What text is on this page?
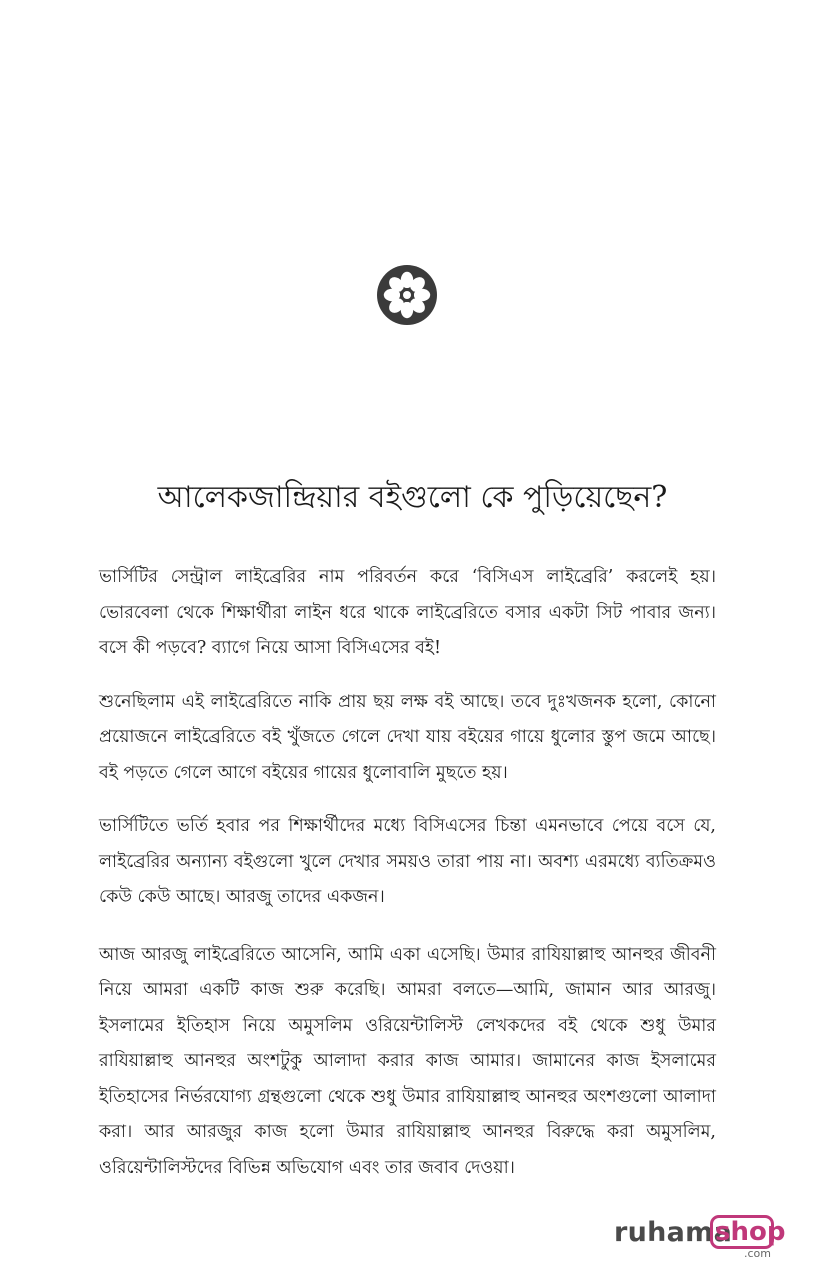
আলেকজান্দ্রিয়ার বইগুলো কে পুড়িয়েছেন?

ভার্সিটির সেন্ট্রাল লাইব্রেরির নাম পরিবর্তন করে ‘বিসিএস লাইব্রেরি’ করলেই হয়। ভোরবেলা থেকে শিক্ষার্থীরা লাইন ধরে থাকে লাইব্রেরিতে বসার একটা সিট পাবার জন্য। বসে কী পড়বে? ব্যাগে নিয়ে আসা বিসিএসের বই!

শুনেছিলাম এই লাইব্রেরিতে নাকি প্রায় ছয় লক্ষ বই আছে। তবে দুঃখজনক হলো, কোনো প্রয়োজনে লাইব্রেরিতে বই খুঁজতে গেলে দেখা যায় বইয়ের গায়ে ধুলোর স্তুপ জমে আছে। বই পড়তে গেলে আগে বইয়ের গায়ের ধুলোবালি মুছতে হয়।

ভার্সিটিতে ভর্তি হবার পর শিক্ষার্থীদের মধ্যে বিসিএসের চিন্তা এমনভাবে পেয়ে বসে যে, লাইব্রেরির অন্যান্য বইগুলো খুলে দেখার সময়ও তারা পায় না। অবশ্য এরমধ্যে ব্যতিক্রমও কেউ কেউ আছে। আরজু তাদের একজন।

আজ আরজু লাইব্রেরিতে আসেনি, আমি একা এসেছি। উমার রাযিয়াল্লাহু আনহুর জীবনী নিয়ে আমরা একটি কাজ শুরু করেছি। আমরা বলতে—আমি, জামান আর আরজু। ইসলামের ইতিহাস নিয়ে অমুসলিম ওরিয়েন্টালিস্ট লেখকদের বই থেকে শুধু উমার রাযিয়াল্লাহু আনহুর অংশটুকু আলাদা করার কাজ আমার। জামানের কাজ ইসলামের ইতিহাসের নির্ভরযোগ্য গ্রন্থগুলো থেকে শুধু উমার রাযিয়াল্লাহু আনহুর অংশগুলো আলাদা করা। আর আরজুর কাজ হলো উমার রাযিয়াল্লাহু আনহুর বিরুদ্ধে করা অমুসলিম, ওরিয়েন্টালিস্টদের বিভিন্ন অভিযোগ এবং তার জবাব দেওয়া।

ruhama
shop
.com
